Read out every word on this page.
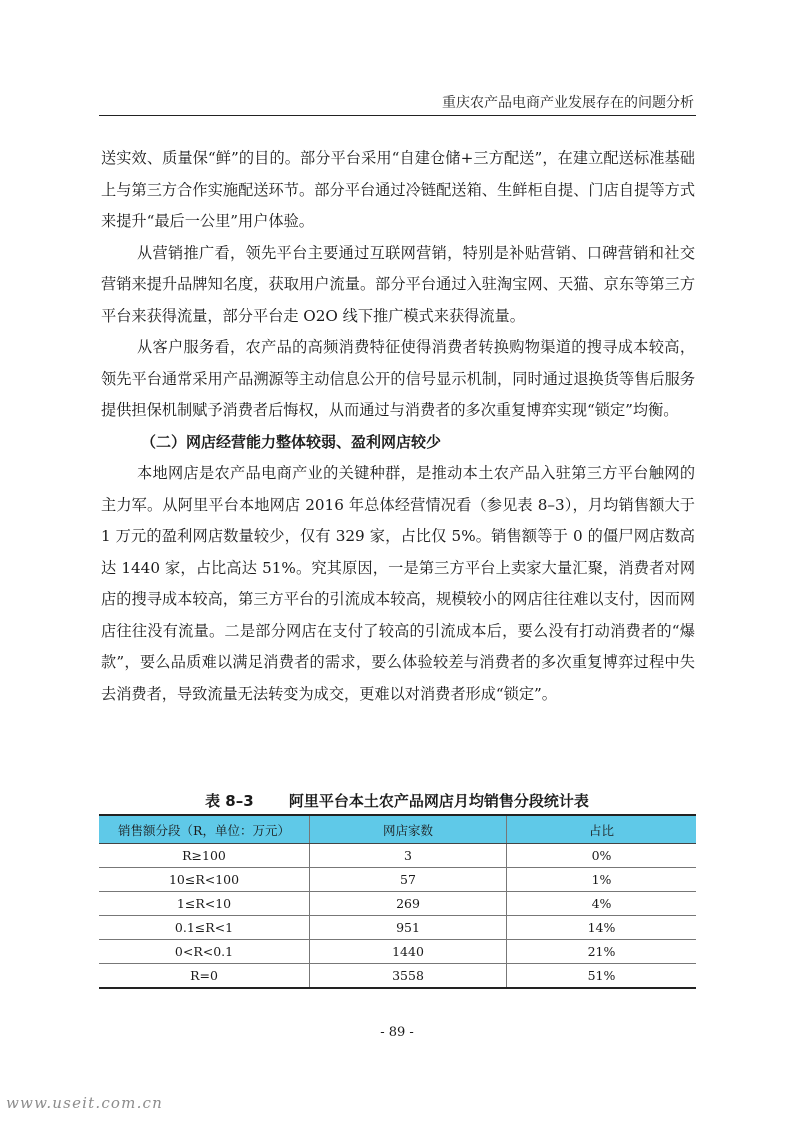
重庆农产品电商产业发展存在的问题分析

送实效、质量保“鲜”的目的。部分平台采用“自建仓储+三方配送”，在建立配送标准基础上与第三方合作实施配送环节。部分平台通过冷链配送箱、生鲜柜自提、门店自提等方式来提升“最后一公里”用户体验。

从营销推广看，领先平台主要通过互联网营销，特别是补贴营销、口碑营销和社交营销来提升品牌知名度，获取用户流量。部分平台通过入驻淘宝网、天猫、京东等第三方平台来获得流量，部分平台走 O2O 线下推广模式来获得流量。

从客户服务看，农产品的高频消费特征使得消费者转换购物渠道的搜寻成本较高，领先平台通常采用产品溯源等主动信息公开的信号显示机制，同时通过退换货等售后服务提供担保机制赋予消费者后悔权，从而通过与消费者的多次重复博弈实现“锁定”均衡。

（二）网店经营能力整体较弱、盈利网店较少

本地网店是农产品电商产业的关键种群，是推动本土农产品入驻第三方平台触网的主力军。从阿里平台本地网店 2016 年总体经营情况看（参见表 8–3），月均销售额大于 1 万元的盈利网店数量较少，仅有 329 家，占比仅 5%。销售额等于 0 的僵尸网店数高达 1440 家，占比高达 51%。究其原因，一是第三方平台上卖家大量汇聚，消费者对网店的搜寻成本较高，第三方平台的引流成本较高，规模较小的网店往往难以支付，因而网店往往没有流量。二是部分网店在支付了较高的引流成本后，要么没有打动消费者的“爆款”，要么品质难以满足消费者的需求，要么体验较差与消费者的多次重复博弈过程中失去消费者，导致流量无法转变为成交，更难以对消费者形成“锁定”。

表 8–3 阿里平台本土农产品网店月均销售分段统计表
销售额分段（R，单位：万元）	网店家数	占比
R≥100	3	0%
10≤R<100	57	1%
1≤R<10	269	4%
0.1≤R<1	951	14%
0<R<0.1	1440	21%
R=0	3558	51%
- 89 -
www.useit.com.cn
